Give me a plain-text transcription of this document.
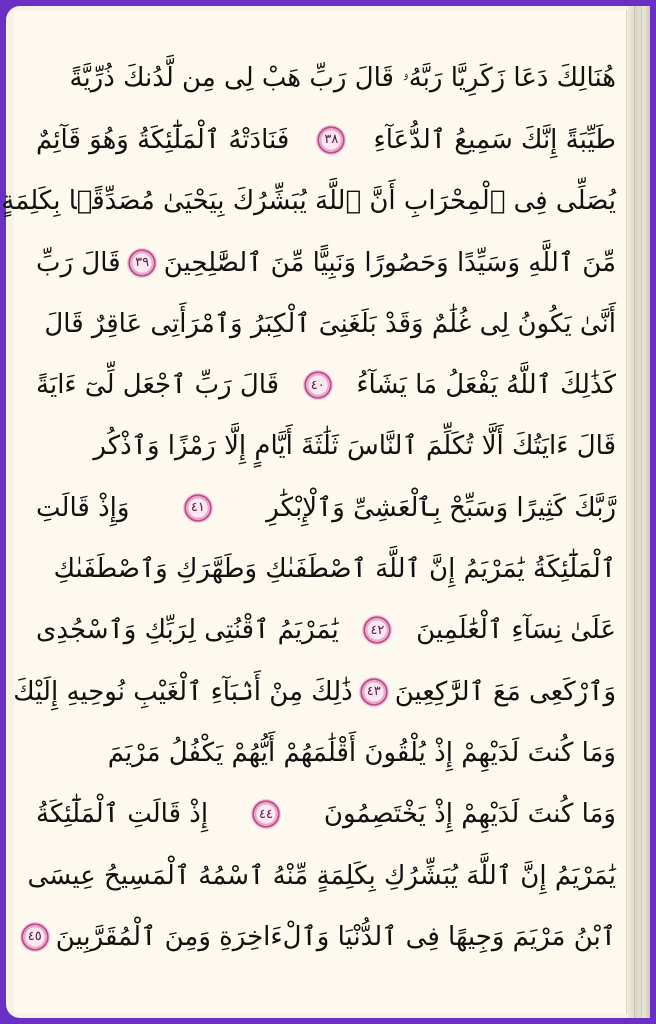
هُنَالِكَ دَعَا زَكَرِيَّا رَبَّهُۥ قَالَ رَبِّ هَبْ لِى مِن لَّدُنكَ ذُرِّيَّةً
طَيِّبَةً إِنَّكَ سَمِيعُ ٱلدُّعَآءِ
٣٨
فَنَادَتْهُ ٱلْمَلَٰٓئِكَةُ وَهُوَ قَآئِمٌ
يُصَلِّى فِى ٱلْمِحْرَابِ أَنَّ ٱللَّهَ يُبَشِّرُكَ بِيَحْيَىٰ مُصَدِّقًۢا بِكَلِمَةٍ
مِّنَ ٱللَّهِ وَسَيِّدًا وَحَصُورًا وَنَبِيًّا مِّنَ ٱلصَّٰلِحِينَ
٣٩
قَالَ رَبِّ
أَنَّىٰ يَكُونُ لِى غُلَٰمٌ وَقَدْ بَلَغَنِىَ ٱلْكِبَرُ وَٱمْرَأَتِى عَاقِرٌ قَالَ
كَذَٰلِكَ ٱللَّهُ يَفْعَلُ مَا يَشَآءُ
٤٠
قَالَ رَبِّ ٱجْعَل لِّىٓ ءَايَةً
قَالَ ءَايَتُكَ أَلَّا تُكَلِّمَ ٱلنَّاسَ ثَلَٰثَةَ أَيَّامٍ إِلَّا رَمْزًا وَٱذْكُر
رَّبَّكَ كَثِيرًا وَسَبِّحْ بِٱلْعَشِىِّ وَٱلْإِبْكَٰرِ
٤١
وَإِذْ قَالَتِ
ٱلْمَلَٰٓئِكَةُ يَٰمَرْيَمُ إِنَّ ٱللَّهَ ٱصْطَفَىٰكِ وَطَهَّرَكِ وَٱصْطَفَىٰكِ
عَلَىٰ نِسَآءِ ٱلْعَٰلَمِينَ
٤٢
يَٰمَرْيَمُ ٱقْنُتِى لِرَبِّكِ وَٱسْجُدِى
وَٱرْكَعِى مَعَ ٱلرَّٰكِعِينَ
٤٣
ذَٰلِكَ مِنْ أَنۢبَآءِ ٱلْغَيْبِ نُوحِيهِ إِلَيْكَ
وَمَا كُنتَ لَدَيْهِمْ إِذْ يُلْقُونَ أَقْلَٰمَهُمْ أَيُّهُمْ يَكْفُلُ مَرْيَمَ
وَمَا كُنتَ لَدَيْهِمْ إِذْ يَخْتَصِمُونَ
٤٤
إِذْ قَالَتِ ٱلْمَلَٰٓئِكَةُ
يَٰمَرْيَمُ إِنَّ ٱللَّهَ يُبَشِّرُكِ بِكَلِمَةٍ مِّنْهُ ٱسْمُهُ ٱلْمَسِيحُ عِيسَى
ٱبْنُ مَرْيَمَ وَجِيهًا فِى ٱلدُّنْيَا وَٱلْءَاخِرَةِ وَمِنَ ٱلْمُقَرَّبِينَ
٤٥
